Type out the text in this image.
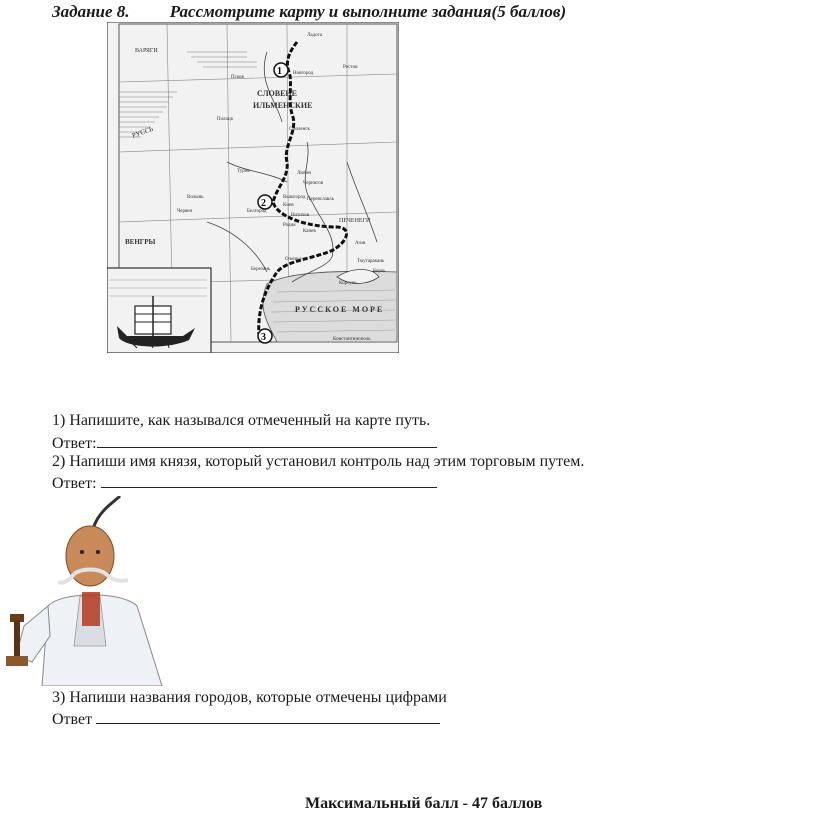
Задание 8. Рассмотрите карту и выполните задания(5 баллов)
СЛОВЕНЕ
ИЛЬМЕНСКИЕ
РУССЬ
ВЕНГРЫ
РУССКОЕ МОРЕ
ВАРЯГИ
ПЕЧЕНЕГИ
Ладога
Новгород
Псков
Ростов
Полоцк
Смоленск
Любеч
Чернигов
Туров
Волынь
Червен
Вышгород
Киев
Белгород
Витичев
Переяславль
Родня
Канев
Азов
Олешье
Березань
Тмутаракань
Корсунь
Керчь
Константинополь
1
2
3
1) Напишите, как назывался отмеченный на карте путь.
Ответ:
2) Напиши имя князя, который установил контроль над этим торговым путем.
Ответ:
3) Напиши названия городов, которые отмечены цифрами
Ответ
Максимальный балл - 47 баллов
